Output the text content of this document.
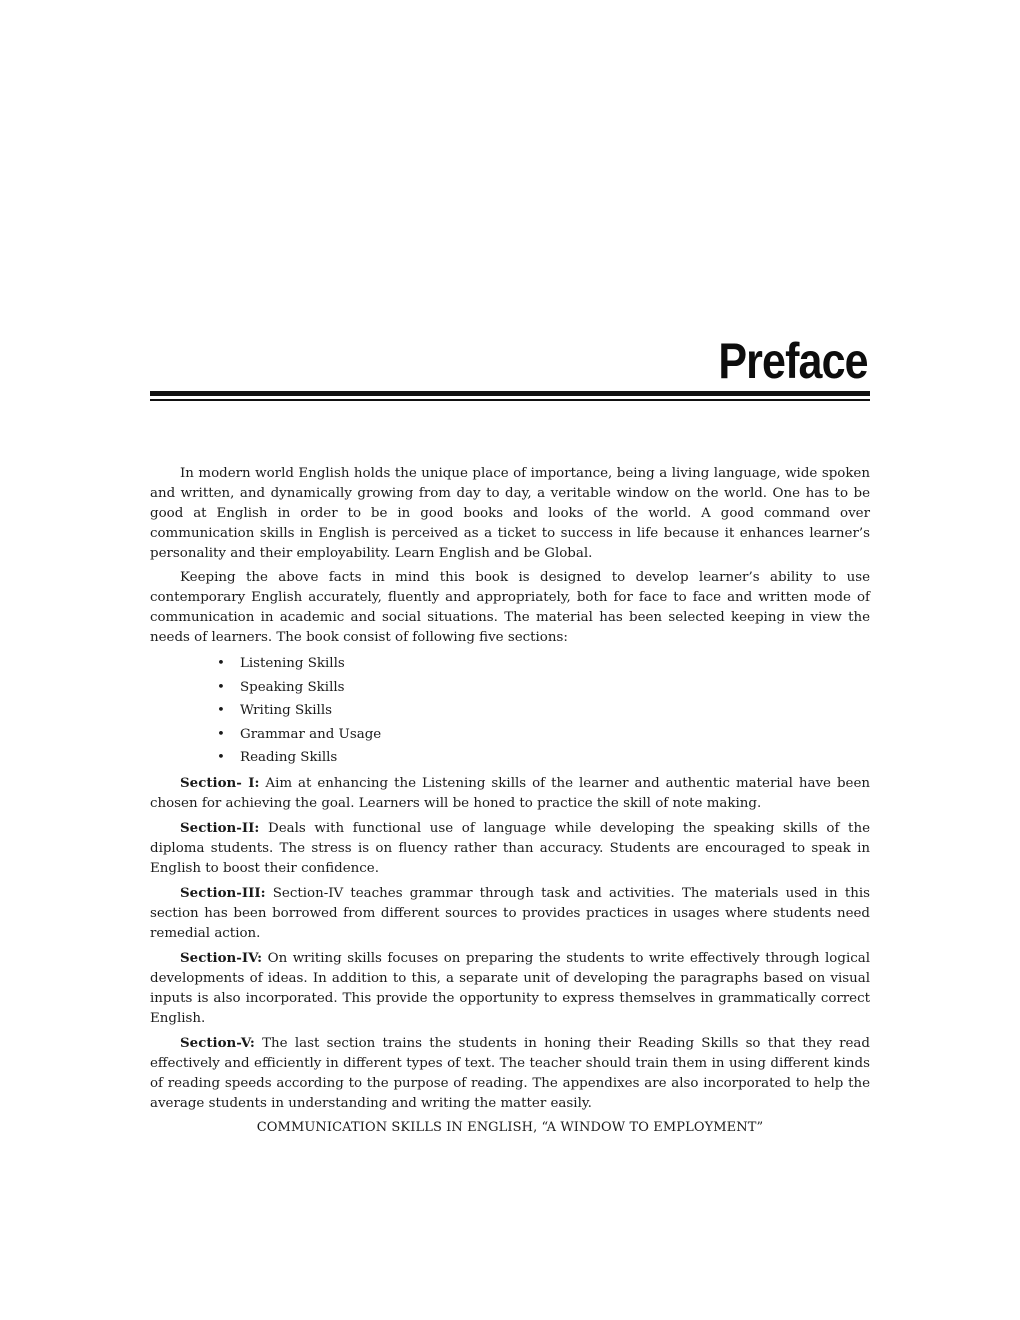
Preface

In modern world English holds the unique place of importance, being a living language, wide spoken and written, and dynamically growing from day to day, a veritable window on the world. One has to be good at English in order to be in good books and looks of the world. A good command over communication skills in English is perceived as a ticket to success in life because it enhances learner’s personality and their employability. Learn English and be Global.

Keeping the above facts in mind this book is designed to develop learner’s ability to use contemporary English accurately, fluently and appropriately, both for face to face and written mode of communication in academic and social situations. The material has been selected keeping in view the needs of learners. The book consist of following five sections:

• Listening Skills
• Speaking Skills
• Writing Skills
• Grammar and Usage
• Reading Skills

Section- I: Aim at enhancing the Listening skills of the learner and authentic material have been chosen for achieving the goal. Learners will be honed to practice the skill of note making.

Section-II: Deals with functional use of language while developing the speaking skills of the diploma students. The stress is on fluency rather than accuracy. Students are encouraged to speak in English to boost their confidence.

Section-III: Section-IV teaches grammar through task and activities. The materials used in this section has been borrowed from different sources to provides practices in usages where students need remedial action.

Section-IV: On writing skills focuses on preparing the students to write effectively through logical developments of ideas. In addition to this, a separate unit of developing the paragraphs based on visual inputs is also incorporated. This provide the opportunity to express themselves in grammatically correct English.

Section-V: The last section trains the students in honing their Reading Skills so that they read effectively and efficiently in different types of text. The teacher should train them in using different kinds of reading speeds according to the purpose of reading. The appendixes are also incorporated to help the average students in understanding and writing the matter easily.

COMMUNICATION SKILLS IN ENGLISH, “A WINDOW TO EMPLOYMENT”
